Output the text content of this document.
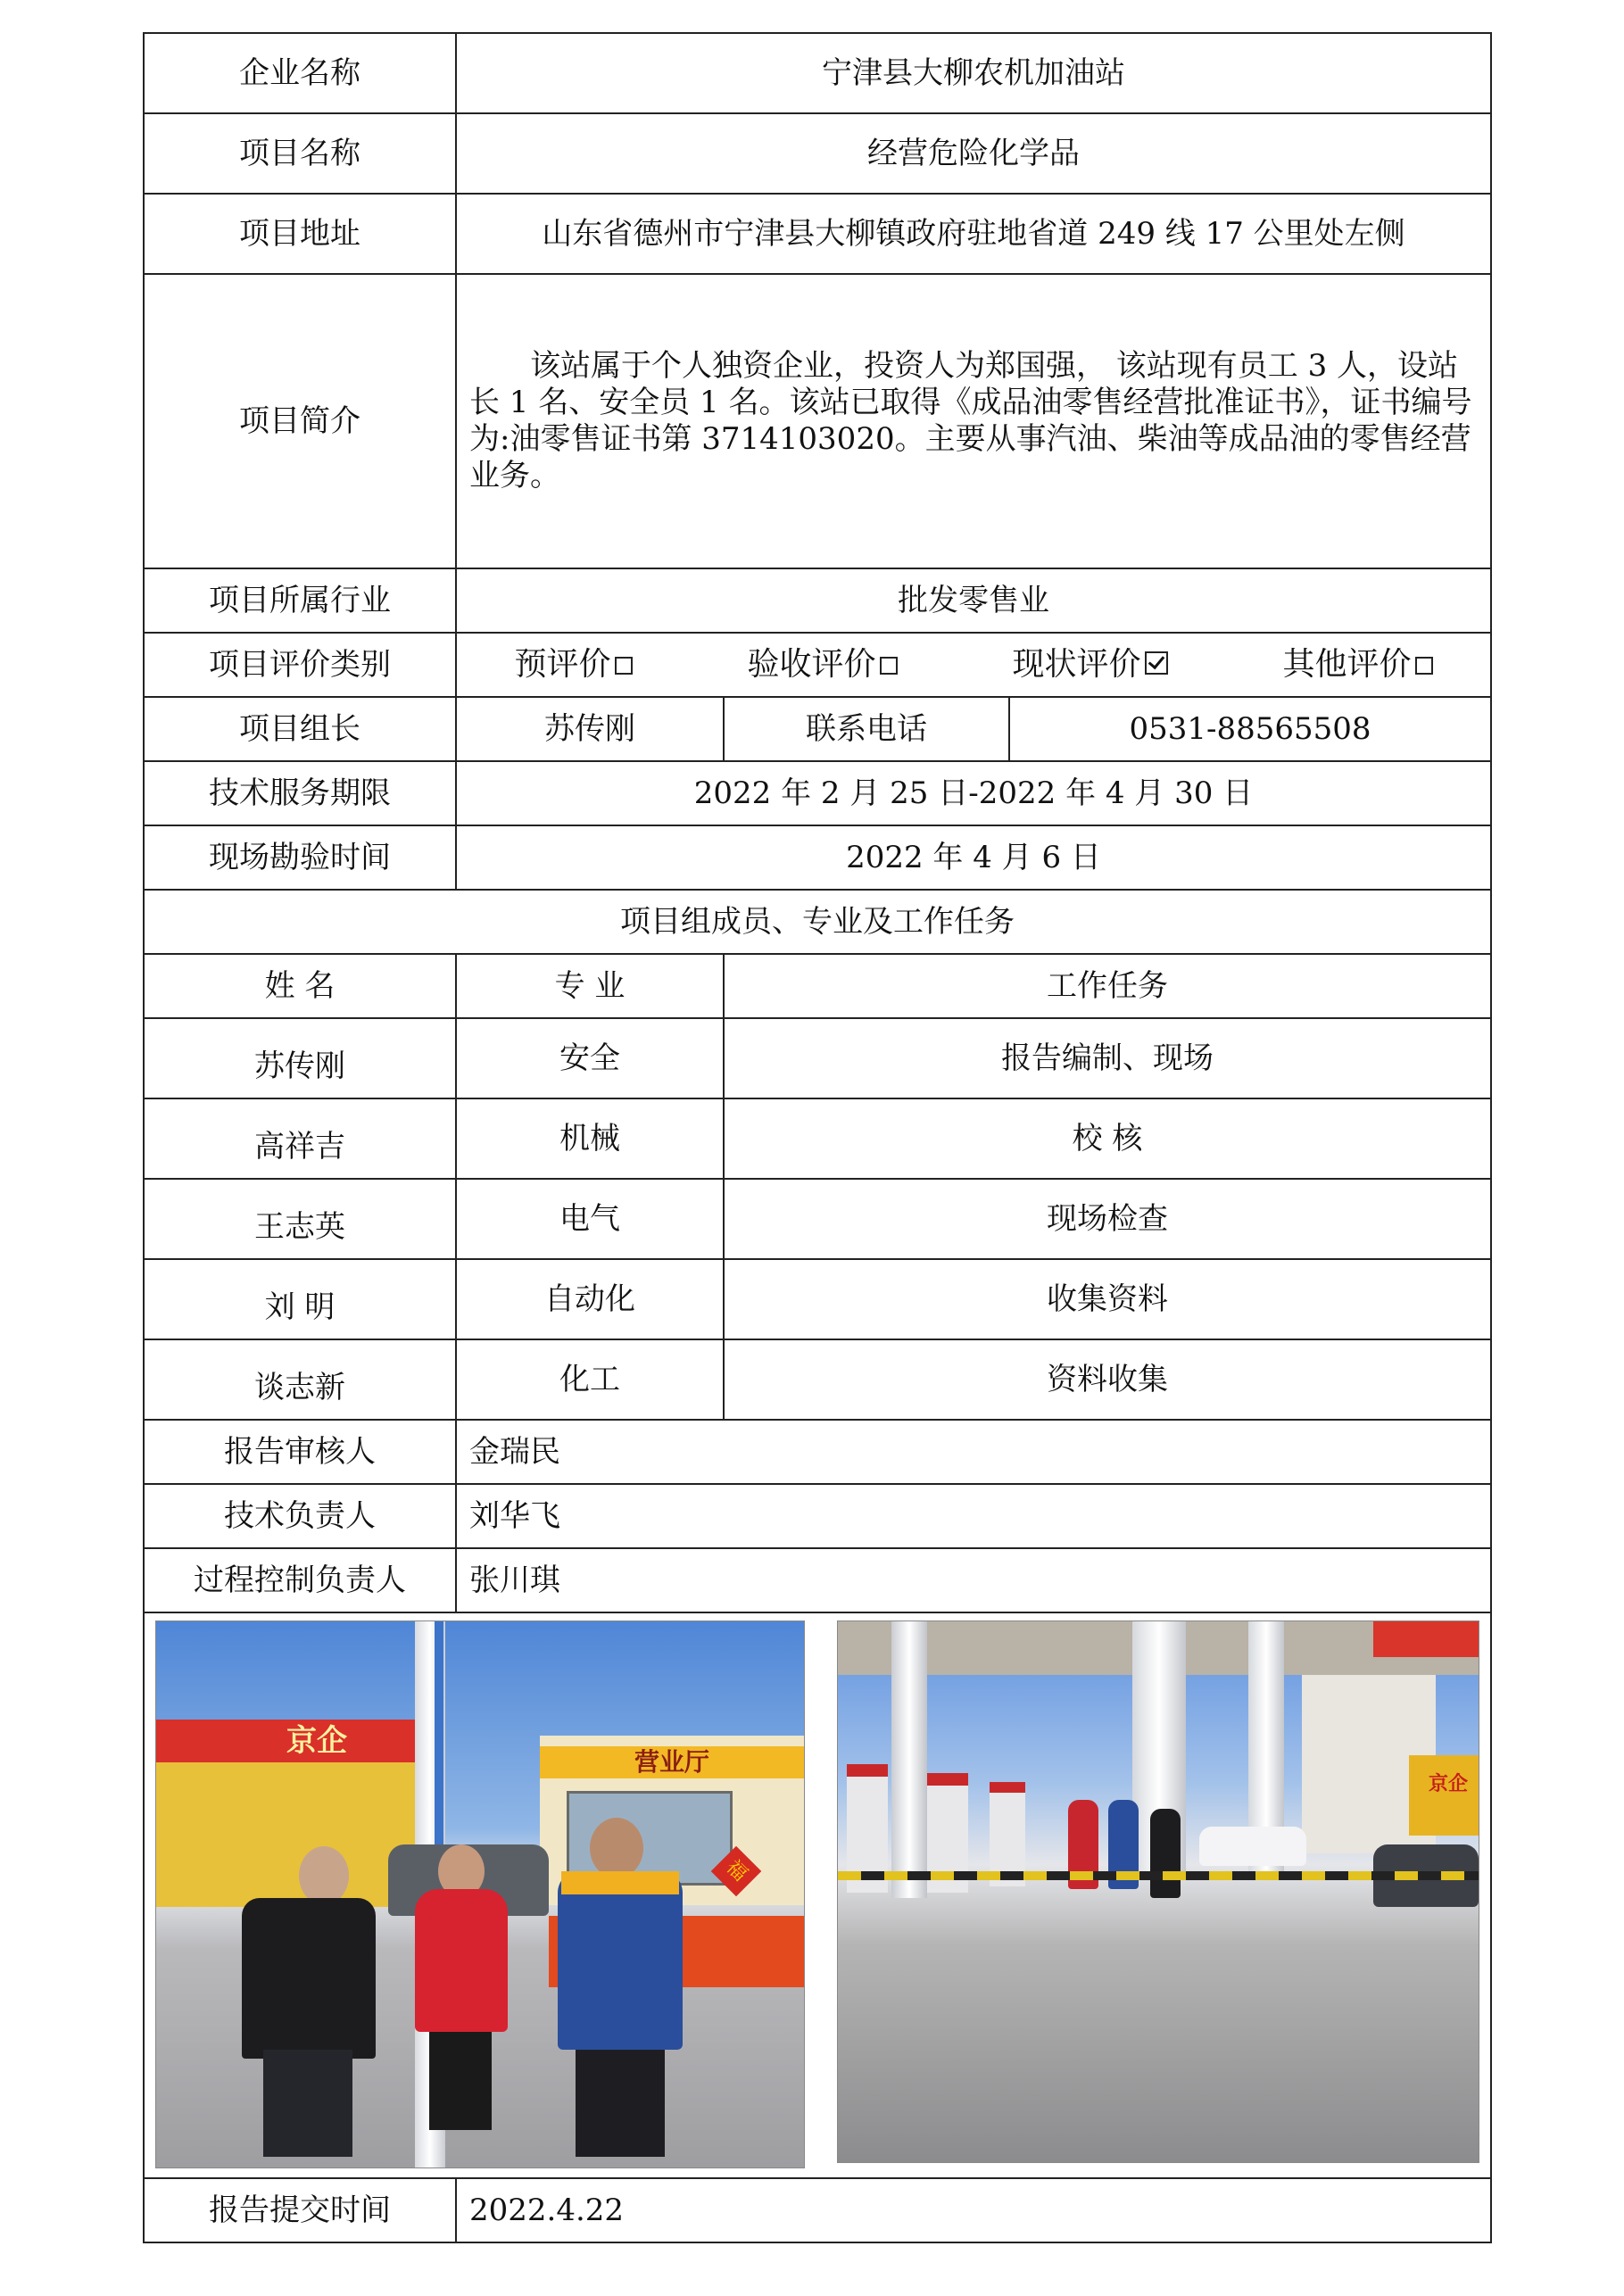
企业名称	宁津县大柳农机加油站		
项目名称	经营危险化学品		
项目地址	山东省德州市宁津县大柳镇政府驻地省道 249 线 17 公里处左侧		
项目简介	该站属于个人独资企业，投资人为郑国强， 该站现有员工 3 人，设站长 1 名、安全员 1 名。该站已取得《成品油零售经营批准证书》，证书编号为:油零售证书第 3714103020。主要从事汽油、柴油等成品油的零售经营业务。		
项目所属行业	批发零售业		
项目评价类别	预评价 验收评价 现状评价 其他评价		

项目组长	苏传刚	联系电话	0531-88565508
技术服务期限	2022 年 2 月 25 日-2022 年 4 月 30 日		
现场勘验时间	2022 年 4 月 6 日		
项目组成员、专业及工作任务			
姓 名	专 业	工作任务	
苏传刚	安全	报告编制、现场	
高祥吉	机械	校 核	
王志英	电气	现场检查	
刘 明	自动化	收集资料	
谈志新	化工	资料收集	
报告审核人	金瑞民		
技术负责人	刘华飞		
过程控制负责人	张川琪		

京企
营业厅
福
京企			

报告提交时间	2022.4.22		
